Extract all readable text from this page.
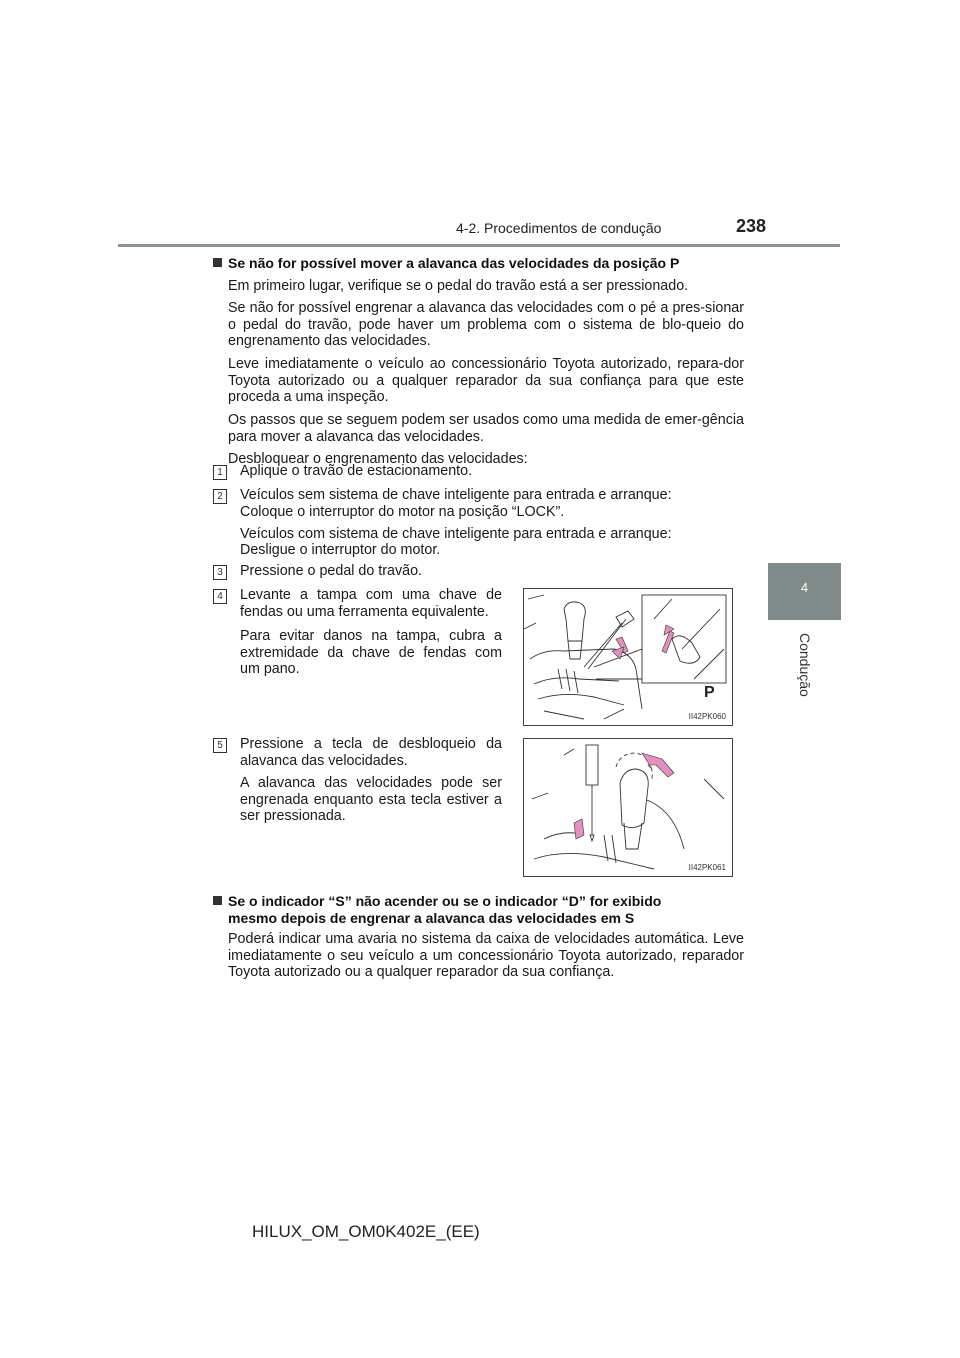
4-2. Procedimentos de condução	238
4
Condução
Se não for possível mover a alavanca das velocidades da posição P
Em primeiro lugar, verifique se o pedal do travão está a ser pressionado.
Se não for possível engrenar a alavanca das velocidades com o pé a pres-sionar o pedal do travão, pode haver um problema com o sistema de blo-queio do engrenamento das velocidades.
Leve imediatamente o veículo ao concessionário Toyota autorizado, repara-dor Toyota autorizado ou a qualquer reparador da sua confiança para que este proceda a uma inspeção.
Os passos que se seguem podem ser usados como uma medida de emer-gência para mover a alavanca das velocidades.
Desbloquear o engrenamento das velocidades:
1 Aplique o travão de estacionamento.
2 Veículos sem sistema de chave inteligente para entrada e arranque:
Coloque o interruptor do motor na posição “LOCK”.
Veículos com sistema de chave inteligente para entrada e arranque:
Desligue o interruptor do motor.
3 Pressione o pedal do travão.
4 Levante a tampa com uma chave de fendas ou uma ferramenta equivalente.
Para evitar danos na tampa, cubra a extremidade da chave de fendas com um pano.
P
II42PK060
5 Pressione a tecla de desbloqueio da alavanca das velocidades.
A alavanca das velocidades pode ser engrenada enquanto esta tecla estiver a ser pressionada.
II42PK061
Se o indicador “S” não acender ou se o indicador “D” for exibido
mesmo depois de engrenar a alavanca das velocidades em S
Poderá indicar uma avaria no sistema da caixa de velocidades automática. Leve imediatamente o seu veículo a um concessionário Toyota autorizado, reparador Toyota autorizado ou a qualquer reparador da sua confiança.
HILUX_OM_OM0K402E_(EE)
